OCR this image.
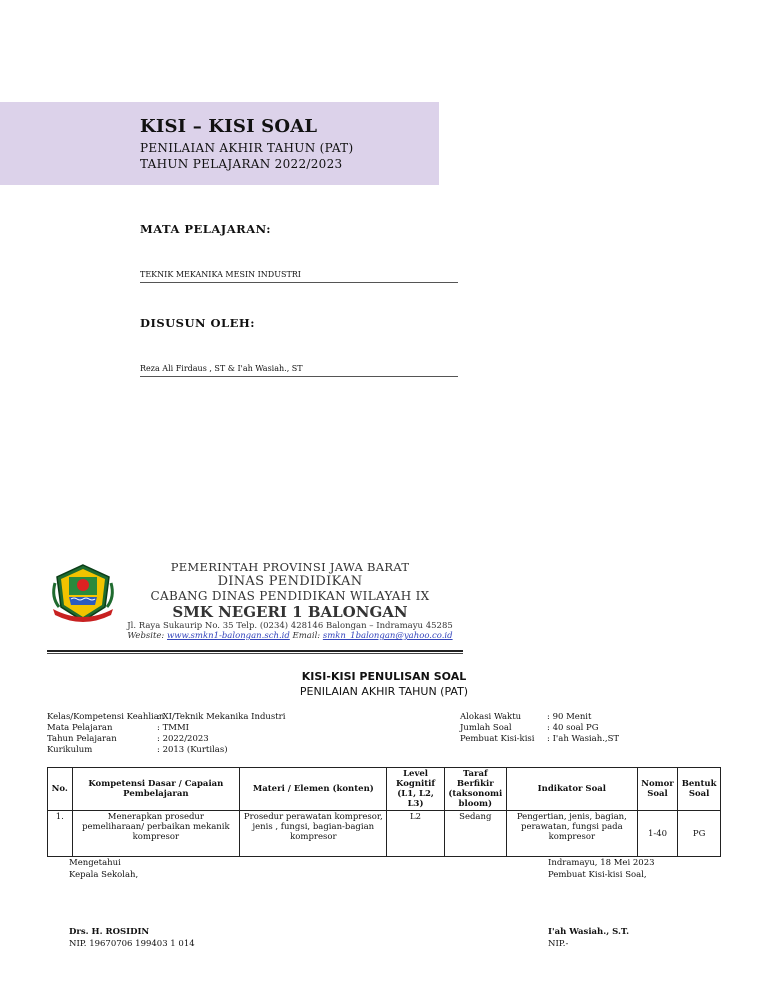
KISI – KISI SOAL
PENILAIAN AKHIR TAHUN (PAT)
TAHUN PELAJARAN 2022/2023
MATA PELAJARAN:
TEKNIK MEKANIKA MESIN INDUSTRI
DISUSUN OLEH:
Reza Ali Firdaus , ST & I'ah Wasiah., ST
PEMERINTAH PROVINSI JAWA BARAT
DINAS PENDIDIKAN
CABANG DINAS PENDIDIKAN WILAYAH IX
SMK NEGERI 1 BALONGAN
Jl. Raya Sukaurip No. 35 Telp. (0234) 428146 Balongan – Indramayu 45285
Website: www.smkn1-balongan.sch.id Email: smkn_1balongan@yahoo.co.id
KISI-KISI PENULISAN SOAL
PENILAIAN AKHIR TAHUN (PAT)
Kelas/Kompetensi Keahlian: XI/Teknik Mekanika Industri
Mata Pelajaran	: TMMI
Tahun Pelajaran	: 2022/2023
Kurikulum	: 2013 (Kurtilas)
Alokasi Waktu	: 90 Menit
Jumlah Soal	: 40 soal PG
Pembuat Kisi-kisi : I'ah Wasiah.,ST
No.	Kompetensi Dasar / Capaian Pembelajaran	Materi / Elemen (konten)	Level Kognitif (L1, L2, L3)	Taraf Berfikir (taksonomi bloom)	Indikator Soal	Nomor Soal	Bentuk Soal
1.	Menerapkan prosedur pemeliharaan/ perbaikan mekanik kompresor	Prosedur perawatan kompresor, jenis , fungsi, bagian-bagian kompresor	L2	Sedang	Pengertian, jenis, bagian, perawatan, fungsi pada kompresor	1-40	PG
Mengetahui
Kepala Sekolah,
Indramayu, 18 Mei 2023
Pembuat Kisi-kisi Soal,
Drs. H. ROSIDIN
NIP. 19670706 199403 1 014
I'ah Wasiah., S.T.
NIP.-
